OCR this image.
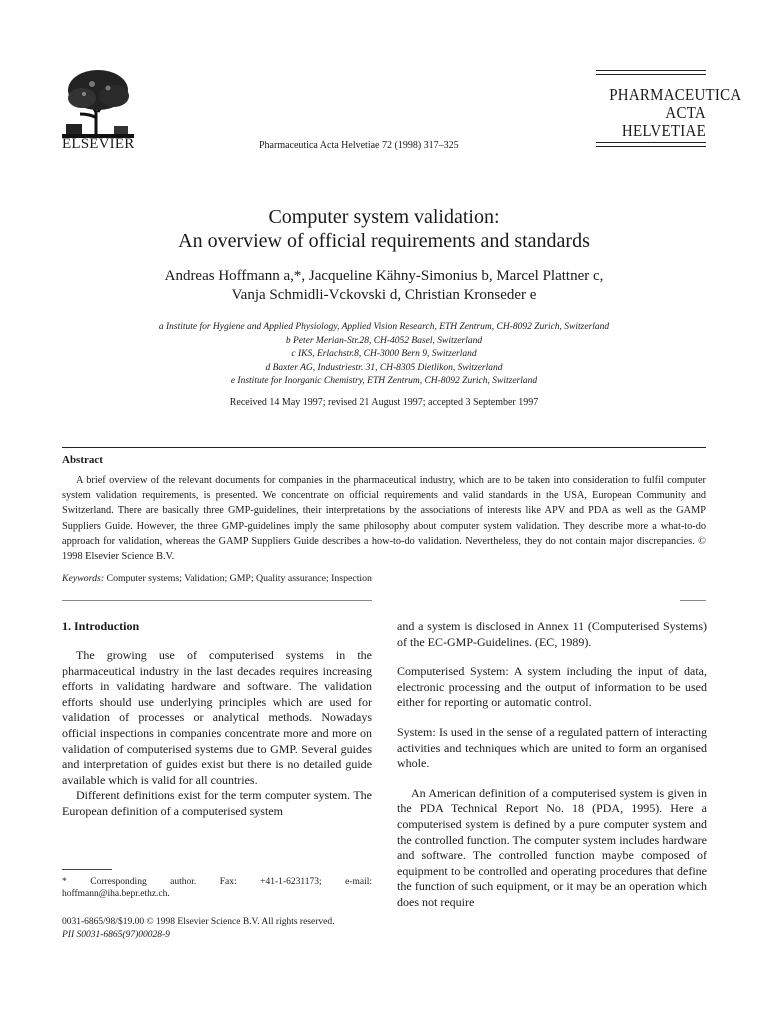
ELSEVIER	Pharmaceutica Acta Helvetiae 72 (1998) 317–325
PHARMACEUTICA
ACTA HELVETIAE
Computer system validation:
An overview of official requirements and standards
Andreas Hoffmann a,*, Jacqueline Kähny-Simonius b, Marcel Plattner c,
Vanja Schmidli-Vckovski d, Christian Kronseder e
a Institute for Hygiene and Applied Physiology, Applied Vision Research, ETH Zentrum, CH-8092 Zurich, Switzerland
b Peter Merian-Str.28, CH-4052 Basel, Switzerland
c IKS, Erlachstr.8, CH-3000 Bern 9, Switzerland
d Baxter AG, Industriestr. 31, CH-8305 Dietlikon, Switzerland
e Institute for Inorganic Chemistry, ETH Zentrum, CH-8092 Zurich, Switzerland
Received 14 May 1997; revised 21 August 1997; accepted 3 September 1997
Abstract
A brief overview of the relevant documents for companies in the pharmaceutical industry, which are to be taken into consideration to fulfil computer system validation requirements, is presented. We concentrate on official requirements and valid standards in the USA, European Community and Switzerland. There are basically three GMP-guidelines, their interpretations by the associations of interests like APV and PDA as well as the GAMP Suppliers Guide. However, the three GMP-guidelines imply the same philosophy about computer system validation. They describe more a what-to-do approach for validation, whereas the GAMP Suppliers Guide describes a how-to-do validation. Nevertheless, they do not contain major discrepancies. © 1998 Elsevier Science B.V.
Keywords: Computer systems; Validation; GMP; Quality assurance; Inspection
1. Introduction

The growing use of computerised systems in the pharmaceutical industry in the last decades requires increasing efforts in validating hardware and software. The validation efforts should use underlying principles which are used for validation of processes or analytical methods. Nowadays official inspections in companies concentrate more and more on validation of computerised systems due to GMP. Several guides and interpretation of guides exist but there is no detailed guide available which is valid for all countries.

Different definitions exist for the term computer system. The European definition of a computerised system

and a system is disclosed in Annex 11 (Computerised Systems) of the EC-GMP-Guidelines. (EC, 1989).

Computerised System: A system including the input of data, electronic processing and the output of information to be used either for reporting or automatic control.

System: Is used in the sense of a regulated pattern of interacting activities and techniques which are united to form an organised whole.

An American definition of a computerised system is given in the PDA Technical Report No. 18 (PDA, 1995). Here a computerised system is defined by a pure computer system and the controlled function. The computer system includes hardware and software. The controlled function maybe composed of equipment to be controlled and operating procedures that define the function of such equipment, or it may be an operation which does not require

* Corresponding author. Fax: +41-1-6231173; e-mail: hoffmann@iha.bepr.ethz.ch.
0031-6865/98/$19.00 © 1998 Elsevier Science B.V. All rights reserved.
PII S0031-6865(97)00028-9
